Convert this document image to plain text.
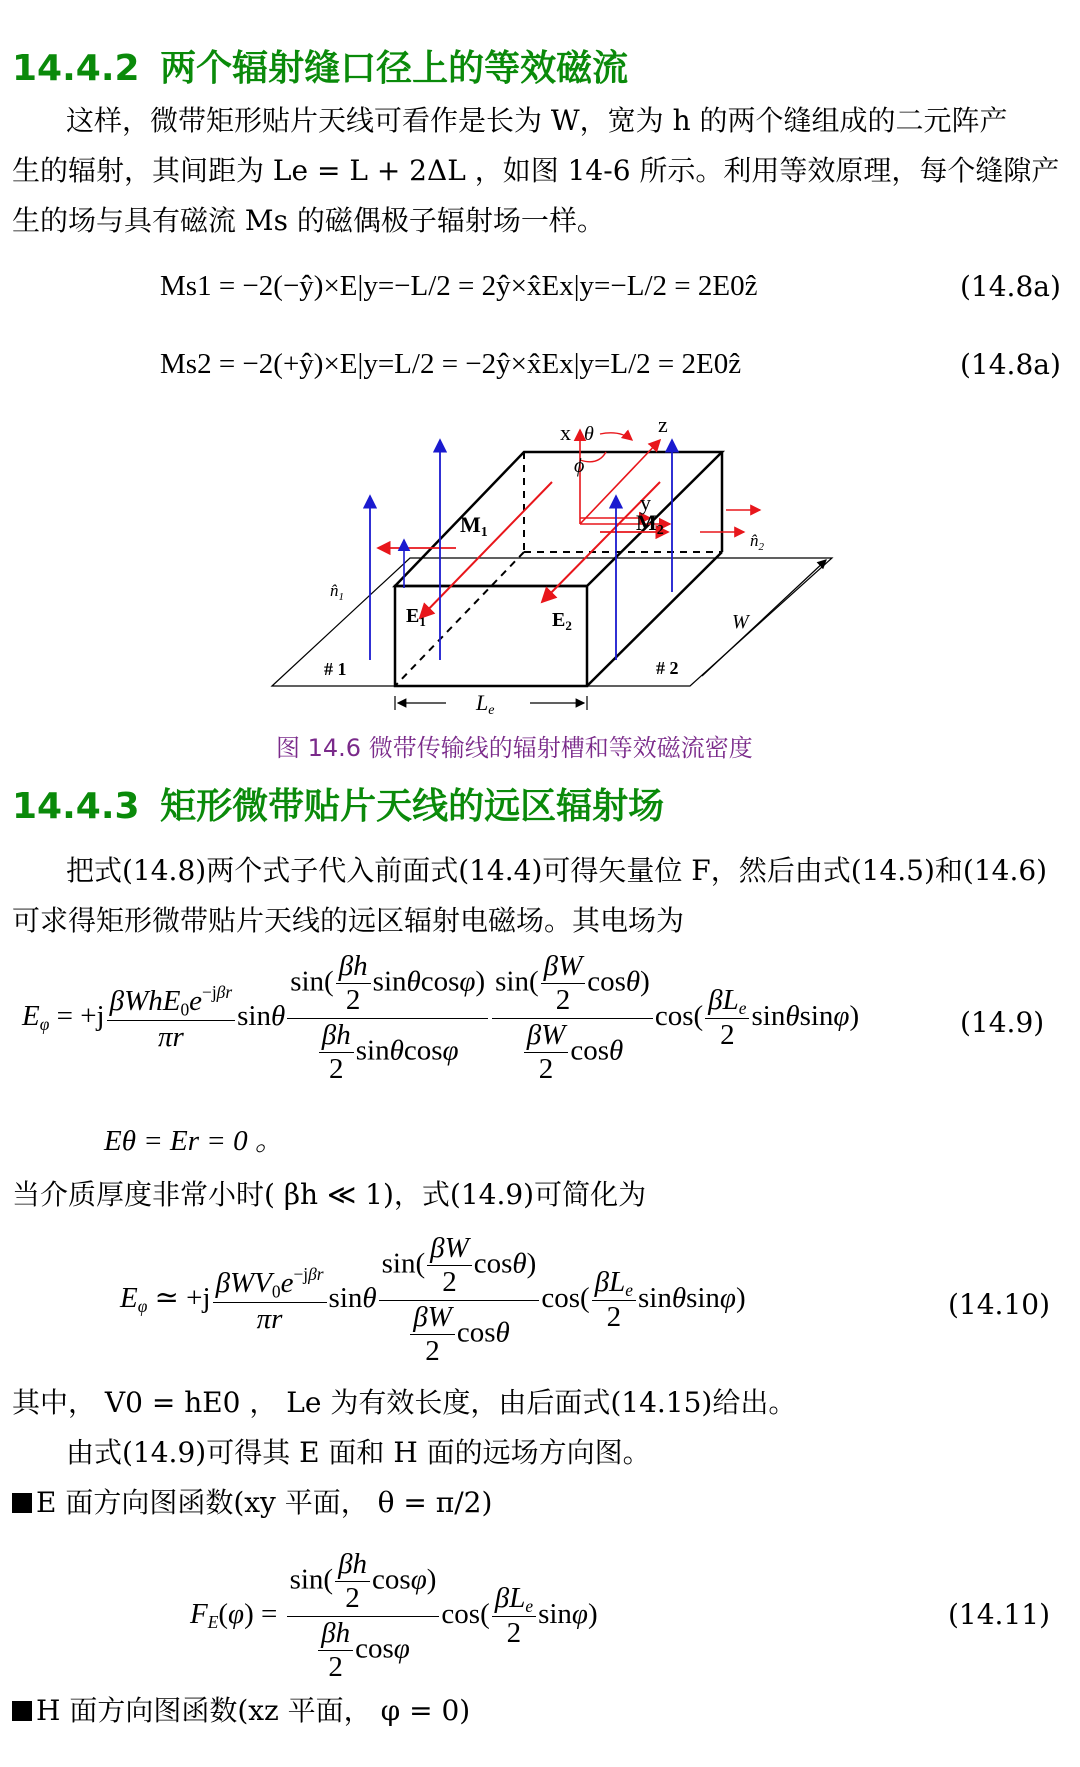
14.4.2 两个辐射缝口径上的等效磁流
这样，微带矩形贴片天线可看作是长为 W，宽为 h 的两个缝组成的二元阵产
生的辐射，其间距为 Le = L + 2ΔL ，如图 14-6 所示。利用等效原理，每个缝隙产
生的场与具有磁流 Ms 的磁偶极子辐射场一样。
Ms1 = −2(−ŷ)×E|y=−L/2 = 2ŷ×x̂Ex|y=−L/2 = 2E0ẑ	(14.8a)
Ms2 = −2(+ŷ)×E|y=L/2 = −2ŷ×x̂Ex|y=L/2 = 2E0ẑ	(14.8a)
x θ	z
ϕ
y
M1	M2
$E_1$	$E_2$
$n̂_1$
$n̂_2$
# 1	# 2
W
Le
图 14.6 微带传输线的辐射槽和等效磁流密度
14.4.3 矩形微带贴片天线的远区辐射场
把式(14.8)两个式子代入前面式(14.4)可得矢量位 F，然后由式(14.5)和(14.6)
可求得矩形微带贴片天线的远区辐射电磁场。其电场为
$E_\varphi = +j \frac{\beta WhE_0e^{-j\beta r}}{\pi r}$ sinθ $\frac{\sin( \frac{\beta h}{2} \sin\theta\cos\varphi)}{\frac{\beta h}{2} \sin\theta\cos\varphi} \frac{\sin( \frac{\beta W}{2} \cos\theta)}{\frac{\beta W}{2} \cos\theta} \cos( \frac{\beta L_e}{2} \sin\theta\sin\varphi)$	(14.9)
Eθ = Er = 0 。
当介质厚度非常小时( βh ≪ 1)，式(14.9)可简化为
$E_\varphi$ ≃ $+j \frac{\beta WV_0e^{-j\beta r}}{\pi r}$ sinθ $\frac{\sin( \frac{\beta W}{2} \cos\theta)}{\frac{\beta W}{2} \cos\theta} \cos( \frac{\beta L_e}{2} \sin\theta\sin\varphi)$	(14.10)
其中， V0 = hE0 ， Le 为有效长度，由后面式(14.15)给出。
由式(14.9)可得其 E 面和 H 面的远场方向图。
E 面方向图函数(xy 平面， θ = π/2)
$F_E(\varphi) = \frac{\sin( \frac{\beta h}{2} \cos\varphi)}{\frac{\beta h}{2} \cos\varphi} \cos( \frac{\beta L_e}{2} \sin\varphi)$	(14.11)
H 面方向图函数(xz 平面， φ = 0)
